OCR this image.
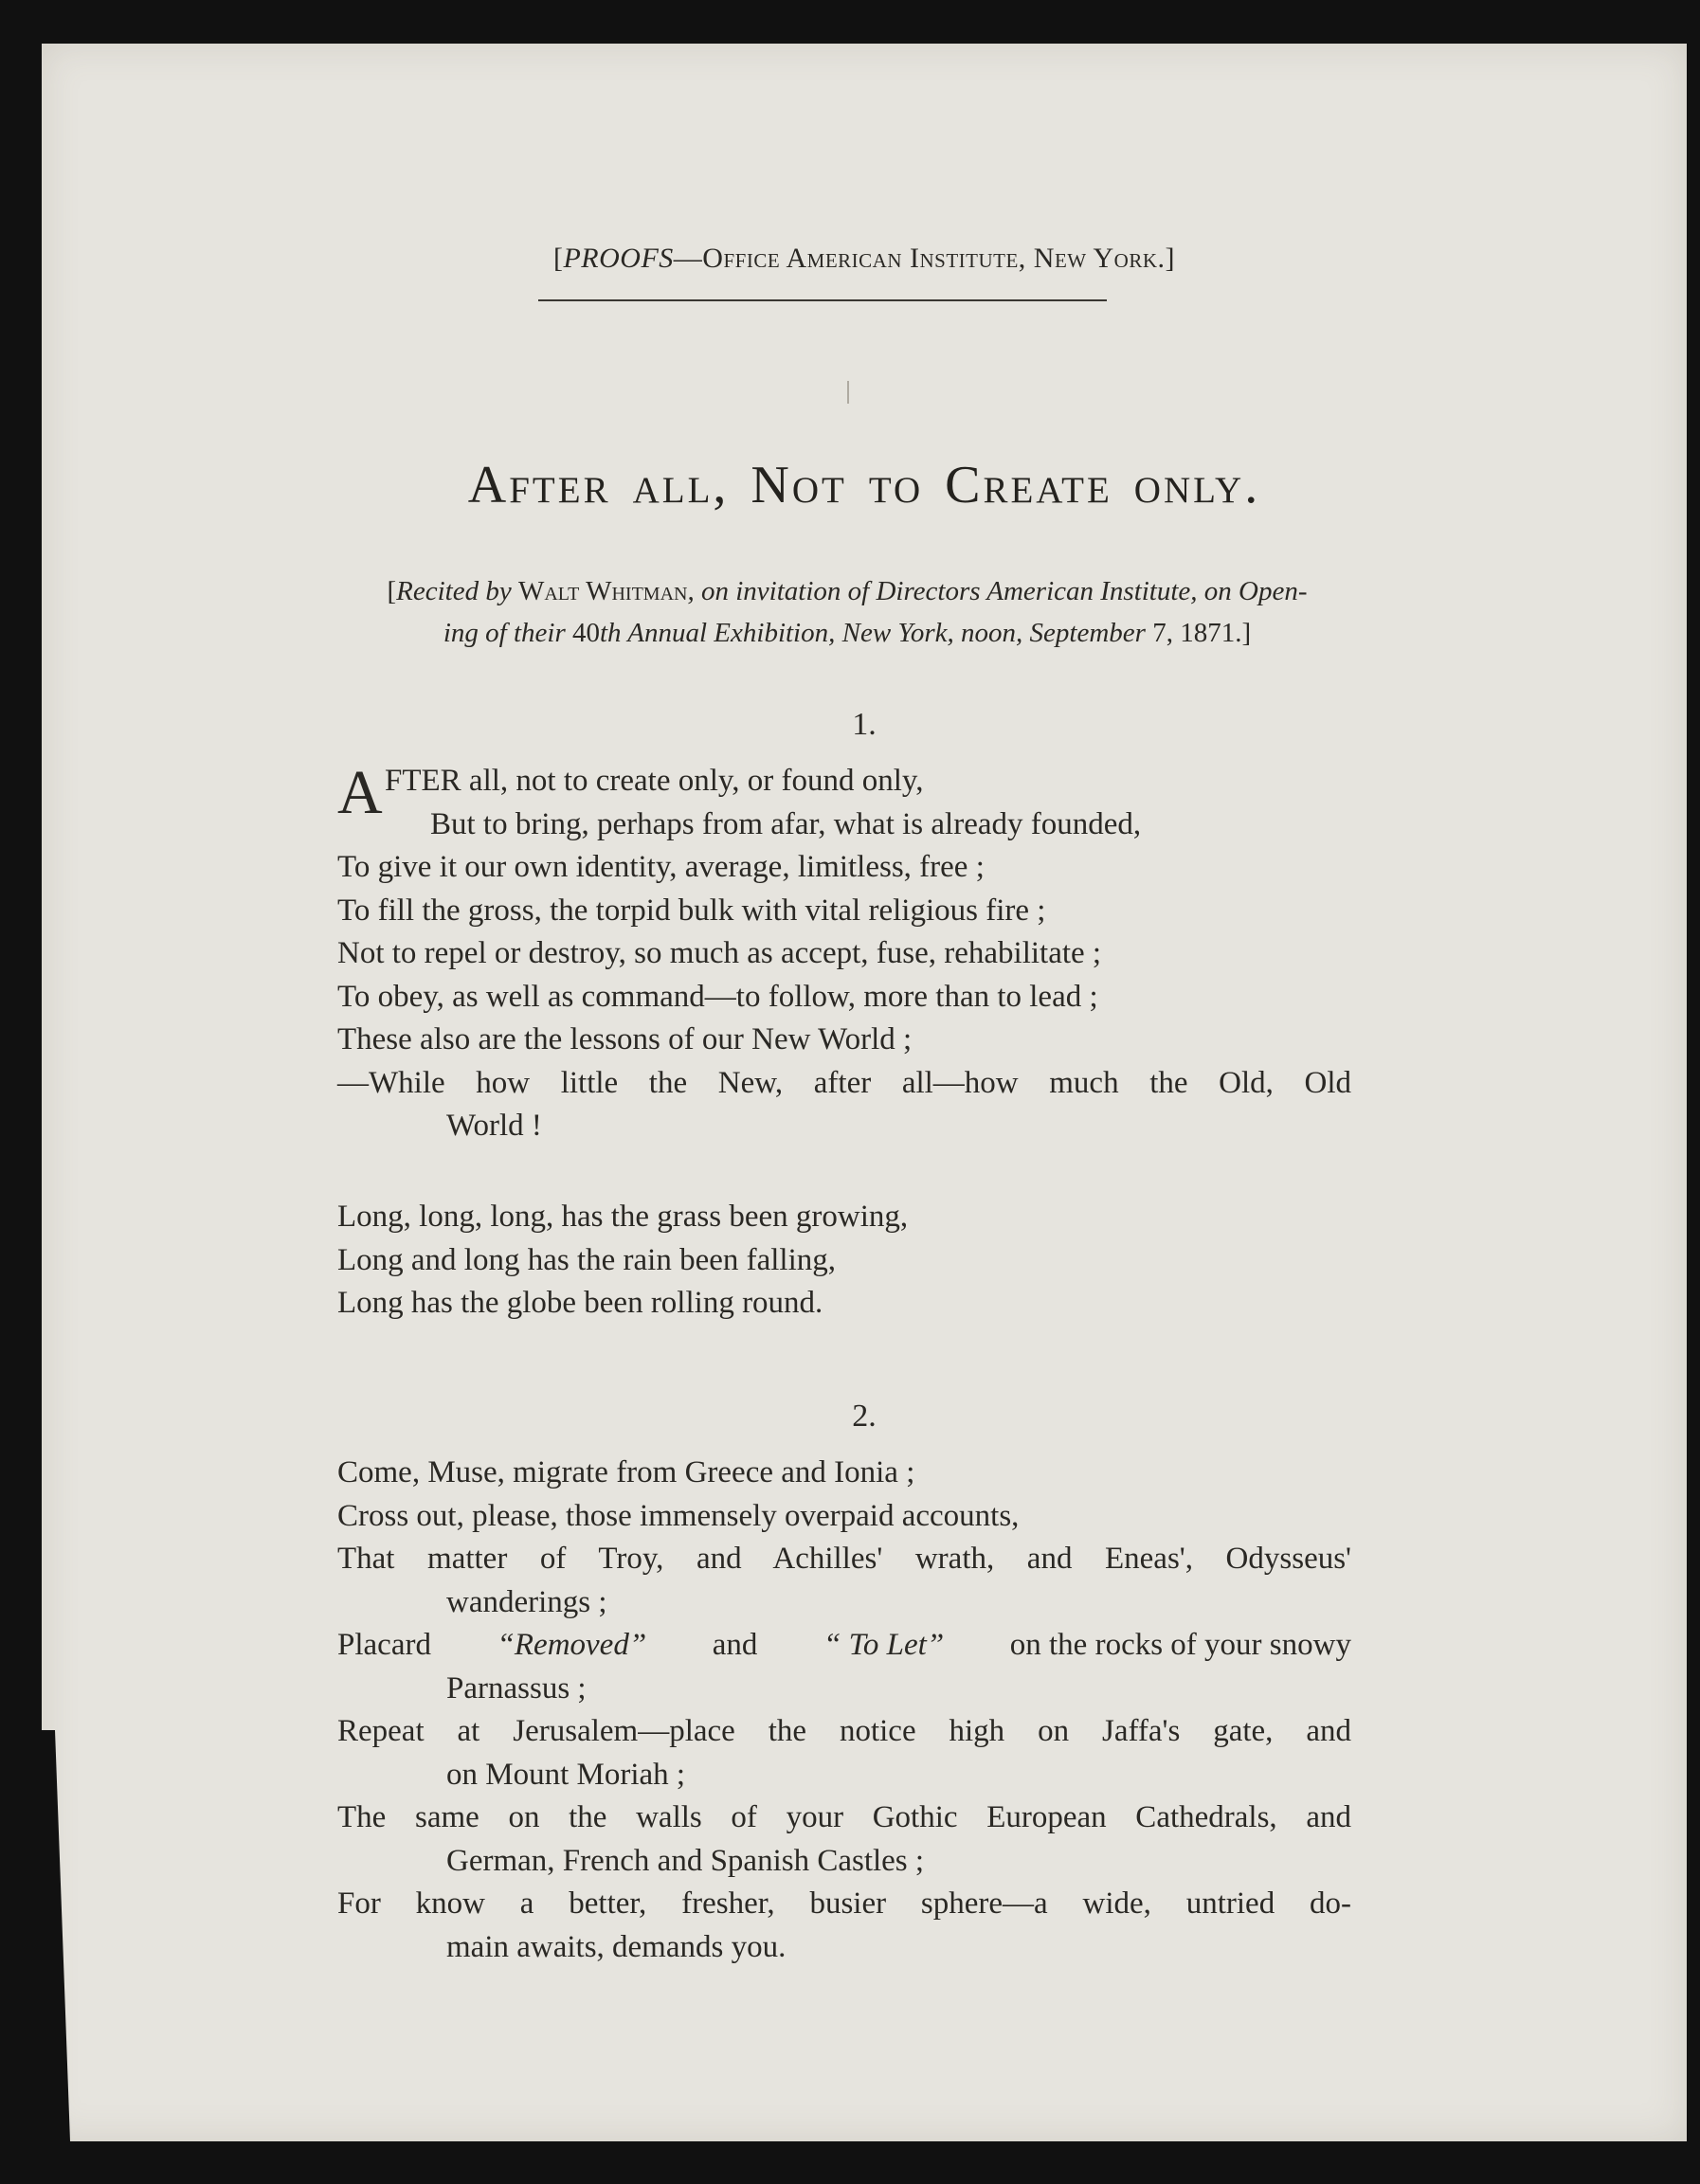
[PROOFS—Office American Institute, New York.]
After all, Not to Create only.
[Recited by Walt Whitman, on invitation of Directors American Institute, on Open-
ing of their 40th Annual Exhibition, New York, noon, September 7, 1871.]
1.
A FTER all, not to create only, or found only,
But to bring, perhaps from afar, what is already founded,
To give it our own identity, average, limitless, free ;
To fill the gross, the torpid bulk with vital religious fire ;
Not to repel or destroy, so much as accept, fuse, rehabilitate ;
To obey, as well as command—to follow, more than to lead ;
These also are the lessons of our New World ;
—While how little the New, after all—how much the Old, Old
World !
Long, long, long, has the grass been growing,
Long and long has the rain been falling,
Long has the globe been rolling round.
2.
Come, Muse, migrate from Greece and Ionia ;
Cross out, please, those immensely overpaid accounts,
That matter of Troy, and Achilles' wrath, and Eneas', Odysseus'
wanderings ;
Placard “Removed” and “ To Let” on the rocks of your snowy
Parnassus ;
Repeat at Jerusalem—place the notice high on Jaffa's gate, and
on Mount Moriah ;
The same on the walls of your Gothic European Cathedrals, and
German, French and Spanish Castles ;
For know a better, fresher, busier sphere—a wide, untried do-
main awaits, demands you.
